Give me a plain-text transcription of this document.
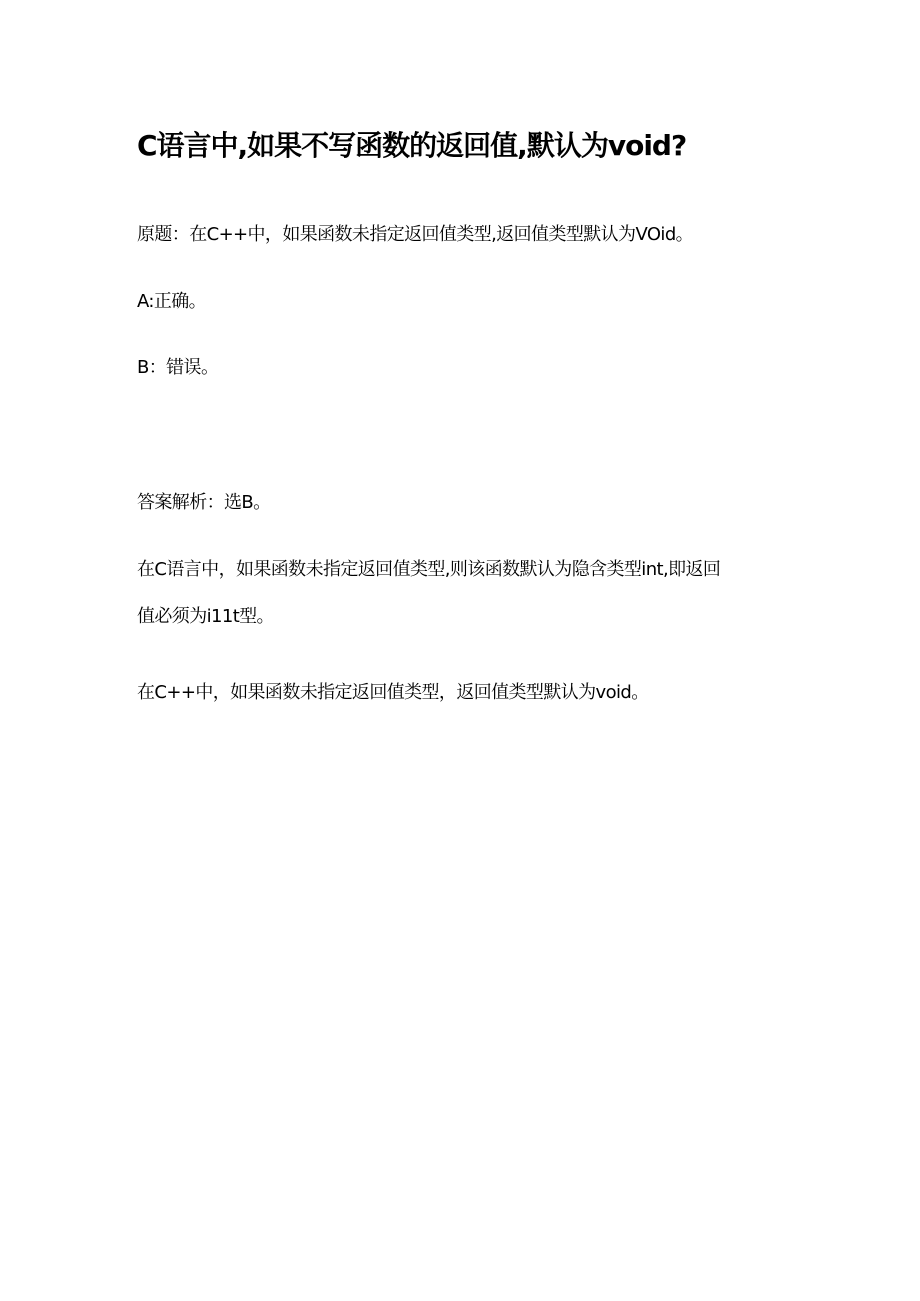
C语言中,如果不写函数的返回值,默认为void?

原题：在C++中，如果函数未指定返回值类型,返回值类型默认为VOid。

A:正确。

B：错误。

答案解析：选B。

在C语言中，如果函数未指定返回值类型,则该函数默认为隐含类型int,即返回

值必须为i11t型。

在C++中，如果函数未指定返回值类型，返回值类型默认为void。
